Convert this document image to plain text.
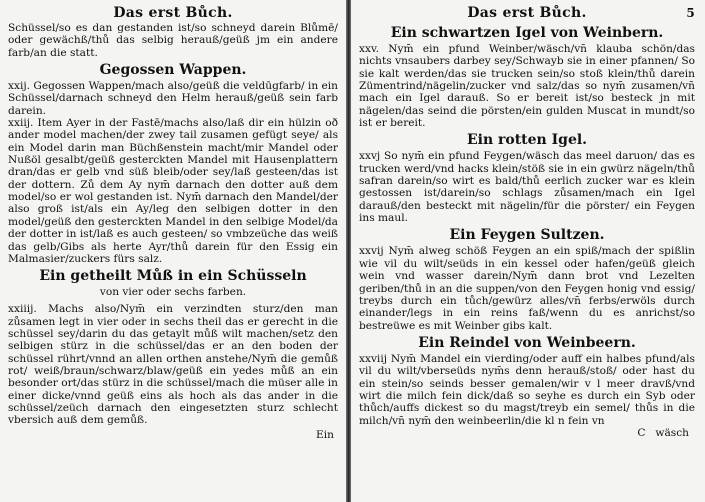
Das erst Bůch.

Schüssel/so es dan gestanden ist/so schneyd darein Blůmē/ oder gewächß/thů das selbig herauß/geüß jm ein andere farb/an die statt.

Gegossen Wappen.

xxij. Gegossen Wappen/mach also/geüß die veldūgfarb/ in ein Schüssel/darnach schneyd den Helm herauß/geüß sein farb darein.

xxiij. Item Ayer in der Fastē/machs also/laß dir ein hülzin oð ander model machen/der zwey tail zusamen gefügt seye/ als ein Model darin man Büchßenstein macht/mir Mandel oder Nußöl gesalbt/geüß gesterckten Mandel mit Hausenplattern dran/das er gelb vnd süß bleib/oder sey/laß gesteen/das ist der dottern. Zů dem Ay nym̄ darnach den dotter auß dem model/so er wol gestanden ist. Nym̄ darnach den Mandel/der also groß ist/als ein Ay/leg den selbigen dotter in den model/geüß den gesterckten Mandel in den selbige Model/da der dotter in ist/laß es auch gesteen/ so vmbzeüche das weiß das gelb/Gibs als herte Ayr/thů darein für den Essig ein Malmasier/zuckers fürs salz.

Ein getheilt Můß in ein Schüsseln
von vier oder sechs farben.

xxiiij. Machs also/Nym̄ ein verzindten sturz/den man zůsamen legt in vier oder in sechs theil das er gerecht in die schüssel sey/darin du das getaylt můß wilt machen/setz den selbigen stürz in die schüssel/das er an den boden der schüssel rührt/vnnd an allen orthen anstehe/Nym̄ die gemůß rot/ weiß/braun/schwarz/blaw/geüß ein yedes můß an ein besonder ort/das stürz in die schüssel/mach die müser alle in einer dicke/vnnd geüß eins als hoch als das ander in die schüssel/zeüch darnach den eingesetzten sturz schlecht vbersich auß dem gemůß.

Ein
Das erst Bůch.	5
Ein schwartzen Igel von Weinbern.

xxv. Nym̄ ein pfund Weinber/wäsch/vn̄ klauba schön/das nichts vnsaubers darbey sey/Schwayb sie in einer pfannen/ So sie kalt werden/das sie trucken sein/so stoß klein/thů darein Zümentrind/nägelin/zucker vnd salz/das so nym̄ zusamen/vn̄ mach ein Igel darauß. So er bereit ist/so besteck jn mit nägelen/das seind die pörsten/ein gulden Muscat in mundt/so ist er bereit.

Ein rotten Igel.

xxvj So nym̄ ein pfund Feygen/wäsch das meel daruon/ das es trucken werd/vnd hacks klein/stöß sie in ein gwürz nägeln/thů safran darein/so wirt es bald/thů eerlich zucker war es klein gestossen ist/darein/so schlags zůsamen/mach ein Igel darauß/den besteckt mit nägelin/für die pörster/ ein Feygen ins maul.

Ein Feygen Sultzen.

xxvij Nym̄ alweg schöß Feygen an ein spiß/mach der spißlin wie vil du wilt/seüds in ein kessel oder hafen/geüß gleich wein vnd wasser darein/Nym̄ dann brot vnd Lezelten geriben/thů in an die suppen/von den Feygen honig vnd essig/ treybs durch ein tůch/gewürz alles/vn̄ ferbs/erwöls durch einander/legs in ein reins faß/wenn du es anrichst/so bestreüwe es mit Weinber gibs kalt.

Ein Reindel von Weinbeern.

xxviij Nym̄ Mandel ein vierding/oder auff ein halbes pfund/als vil du wilt/vberseüds nym̄s denn herauß/stoß/ oder hast du ein stein/so seinds besser gemalen/wir v l meer dravß/vnd wirt die milch fein dick/daß so seyhe es durch ein Syb oder thůch/auffs dickest so du magst/treyb ein semel/ thůs in die milch/vn̄ nym̄ den weinbeerlin/die kl n fein vn

C wäsch
